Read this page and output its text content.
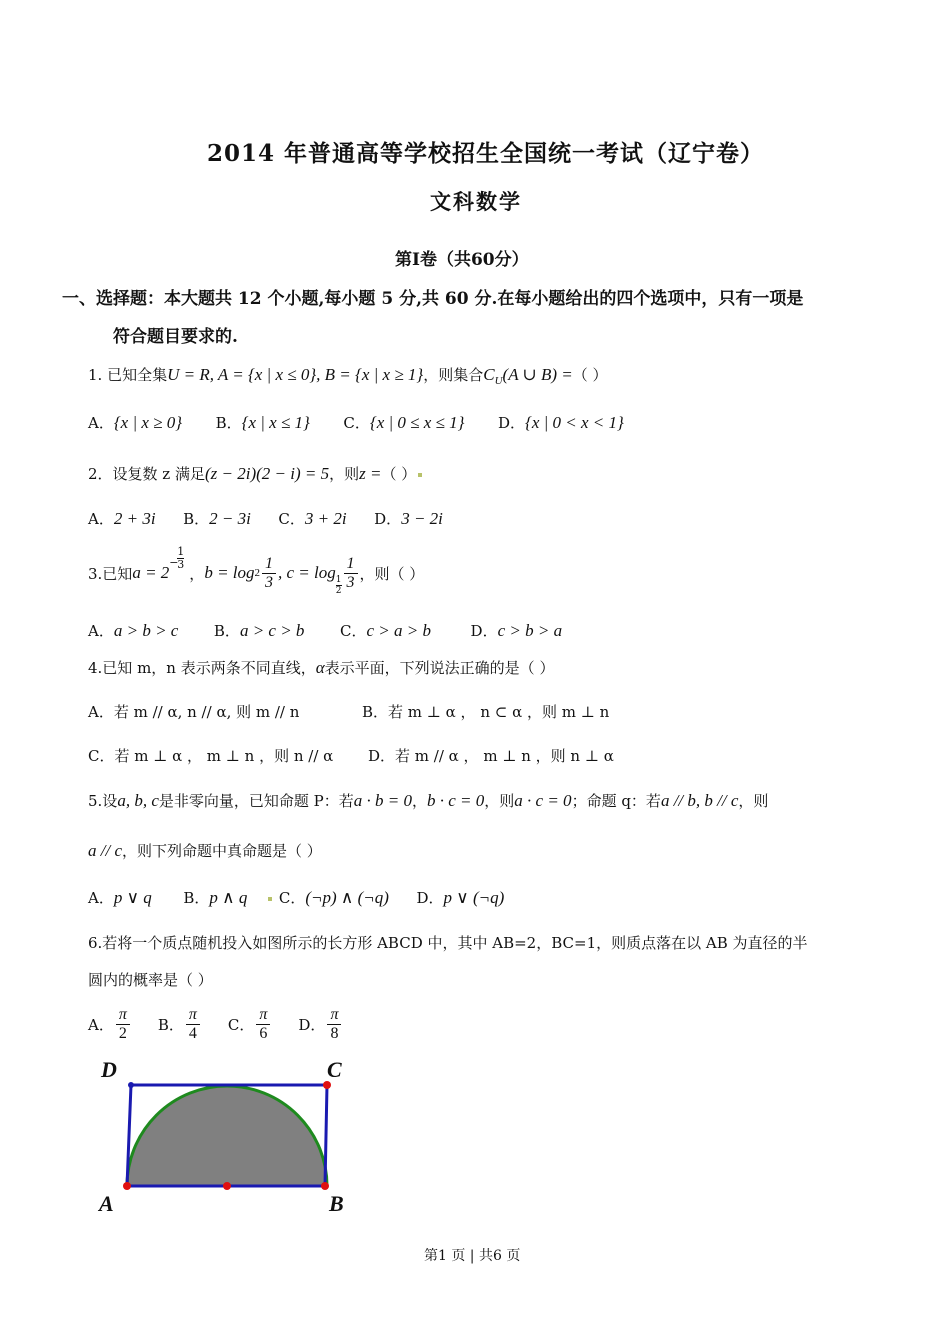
2014 年普通高等学校招生全国统一考试（辽宁卷）
文科数学
第Ⅰ卷（共60分）
一、选择题：本大题共 12 个小题,每小题 5 分,共 60 分.在每小题给出的四个选项中，只有一项是
符合题目要求的.
1. 已知全集U = R, A = {x | x ≤ 0}, B = {x | x ≥ 1}，则集合$C_U(A$ ∪ B) =（ ）
A．{x | x ≥ 0} B．{x | x ≤ 1} C．{x | 0 ≤ x ≤ 1} D．{x | 0 < x < 1}
2．设复数 z 满足(z − 2i)(2 − i) = 5，则z =（ ）
A．2 + 3i B．2 − 3i C．3 + 2i D．3 − 2i
3.已知 a = 2
−
1
3 ， $b = \log 2 \frac{1}{3}$ , c = log
$\frac{1}{2} \frac{1}{3}$ ，则（ ）
A．a > b > c B．a > c > b C．c > a > b	D．c > b > a
4.已知 m，n 表示两条不同直线，α表示平面，下列说法正确的是（ ）
A．若 m // α, n // α, 则 m // n	B．若 m ⊥ α ， n ⊂ α ，则 m ⊥ n
C．若 m ⊥ α ， m ⊥ n ，则 n // α D．若 m // α ， m ⊥ n ，则 n ⊥ α
5.设a, b, c是非零向量，已知命题 P：若a · b = 0，b · c = 0，则a · c = 0；命题 q：若a // b, b // c，则
a // c，则下列命题中真命题是（ ）
A．p ∨ q B．p ∧ q C．(¬p) ∧ (¬q) D．p ∨ (¬q)
6.若将一个质点随机投入如图所示的长方形 ABCD 中，其中 AB=2，BC=1，则质点落在以 AB 为直径的半
圆内的概率是（ ）
A． $\frac{\pi}{2}$ B． $\frac{\pi}{4}$ C． $\frac{\pi}{6}$ D． $\frac{\pi}{8}$
D	C
A	B
第1 页 | 共6 页
